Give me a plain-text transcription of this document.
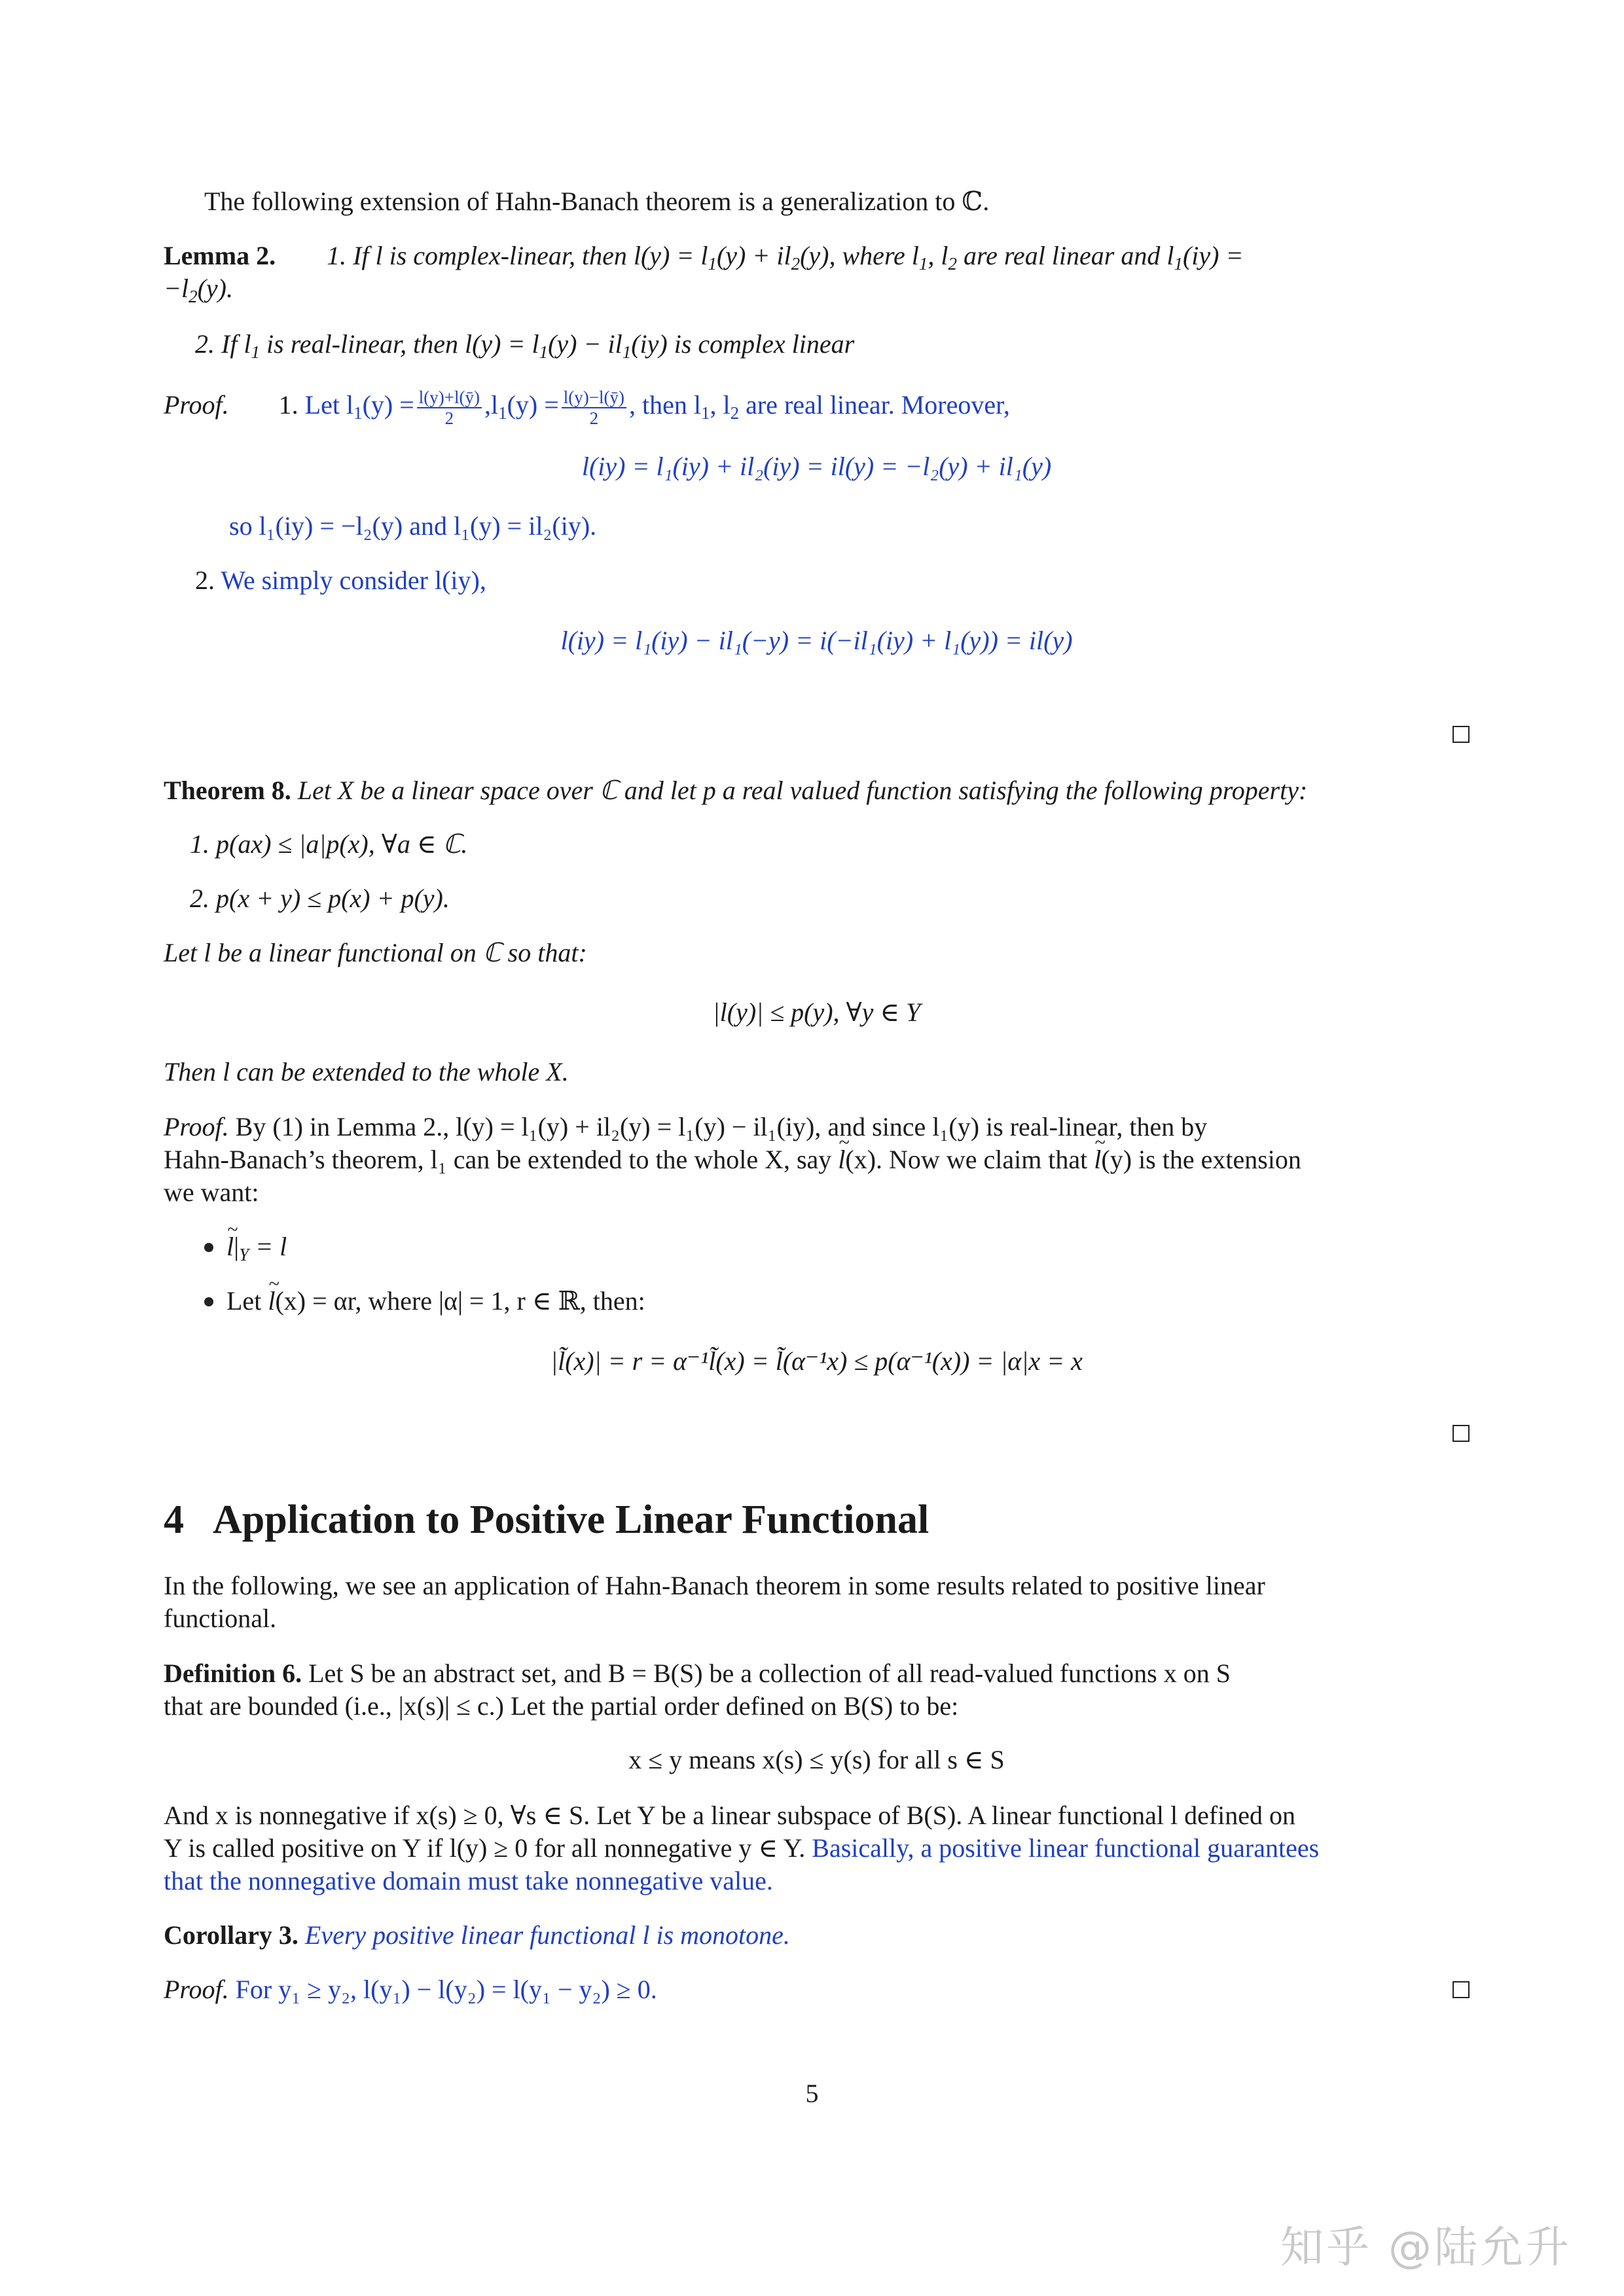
The following extension of Hahn-Banach theorem is a generalization to ℂ.
Lemma 2. 1. If l is complex-linear, then $l(y) = l_1(y) + il_2(y)$, where $l_1$, $l_2$ are real linear and $l_1(iy)$ =
$-l_2(y)$.
2. If $l_1$ is real-linear, then $l(y) = l_1(y) - il_1(iy)$ is complex linear
Proof. 1. Let $l_1(y) = \frac{l(y)+l(ȳ)}{2} ,l_1(y) = \frac{l(y)-l(ȳ)}{2}$ , then $l_1$, $l_2$ are real linear. Moreover,
l(iy) = l₁(iy) + il₂(iy) = il(y) = −l₂(y) + il₁(y)
so l₁(iy) = −l₂(y) and l₁(y) = il₂(iy).
2. We simply consider l(iy),
l(iy) = l₁(iy) − il₁(−y) = i(−il₁(iy) + l₁(y)) = il(y)
Theorem 8. Let X be a linear space over ℂ and let p a real valued function satisfying the following property:
1. p(ax) ≤ |a|p(x), ∀a ∈ ℂ.
2. p(x + y) ≤ p(x) + p(y).
Let l be a linear functional on ℂ so that:
|l(y)| ≤ p(y), ∀y ∈ Y
Then l can be extended to the whole X.
Proof. By (1) in Lemma 2., l(y) = l₁(y) + il₂(y) = l₁(y) − il₁(iy), and since l₁(y) is real-linear, then by
Hahn-Banach’s theorem, l₁ can be extended to the whole X, say ~ l(x). Now we claim that ~ l(y) is the extension
we want:
~ $l|_Y = l$
Let ~ l(x) = αr, where |α| = 1, r ∈ ℝ, then:
|l̃(x)| = r = α⁻¹l̃(x) = l̃(α⁻¹x) ≤ p(α⁻¹(x)) = |α|x = x
4 Application to Positive Linear Functional
In the following, we see an application of Hahn-Banach theorem in some results related to positive linear
functional.
Definition 6. Let S be an abstract set, and B = B(S) be a collection of all read-valued functions x on S
that are bounded (i.e., |x(s)| ≤ c.) Let the partial order defined on B(S) to be:
x ≤ y means x(s) ≤ y(s) for all s ∈ S
And x is nonnegative if x(s) ≥ 0, ∀s ∈ S. Let Y be a linear subspace of B(S). A linear functional l defined on
Y is called positive on Y if l(y) ≥ 0 for all nonnegative y ∈ Y. Basically, a positive linear functional guarantees
that the nonnegative domain must take nonnegative value.
Corollary 3. Every positive linear functional l is monotone.
Proof. For y₁ ≥ y₂, l(y₁) − l(y₂) = l(y₁ − y₂) ≥ 0.
5
知乎 @陆允升
